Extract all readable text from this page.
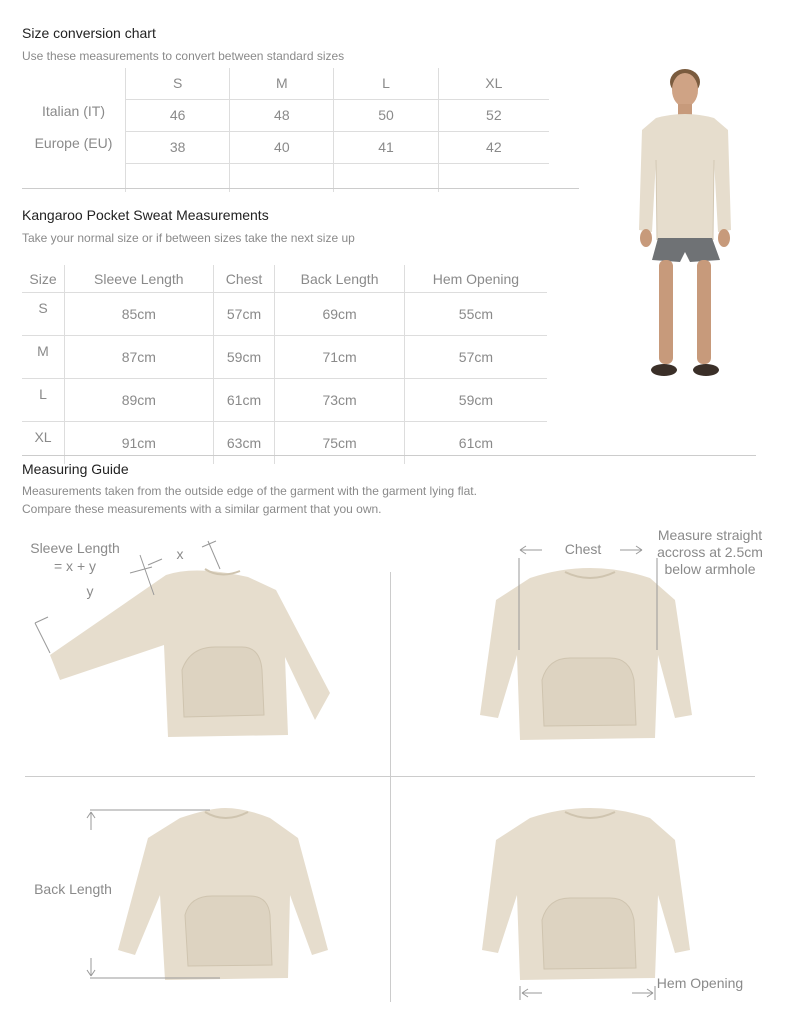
Size conversion chart
Use these measurements to convert between standard sizes
	S	M	L	XL
Italian (IT)	46	48	50	52
Europe (EU)	38	40	41	42

Kangaroo Pocket Sweat Measurements
Take your normal size or if between sizes take the next size up
Size	Sleeve Length	Chest	Back Length	Hem Opening
S	85cm	57cm	69cm	55cm
M	87cm	59cm	71cm	57cm
L	89cm	61cm	73cm	59cm
XL	91cm	63cm	75cm	61cm
Measuring Guide
Measurements taken from the outside edge of the garment with the garment lying flat.
Compare these measurements with a similar garment that you own.
Sleeve Length
= x + y
y
x	Chest
Measure straight
accross at 2.5cm
below armhole
Back Length
Hem Opening
